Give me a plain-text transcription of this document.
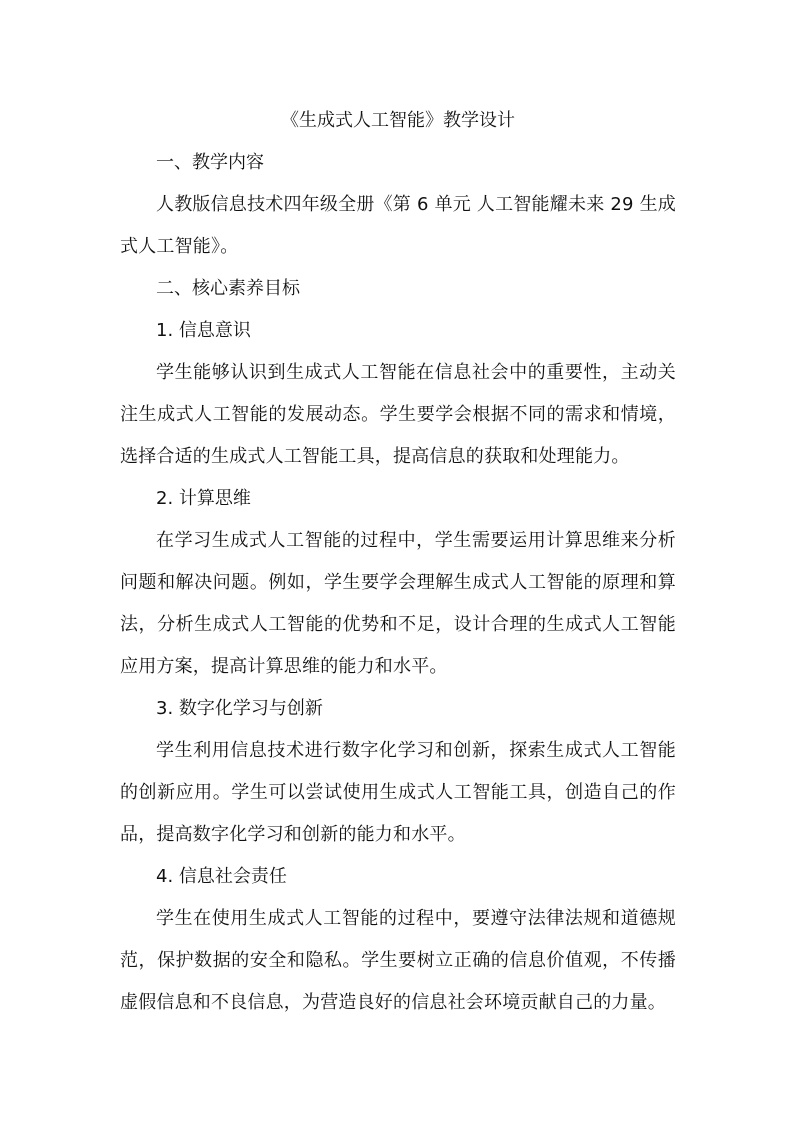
《生成式人工智能》教学设计

一、教学内容

人教版信息技术四年级全册《第 6 单元 人工智能耀未来 29 生成式人工智能》。

二、核心素养目标

1. 信息意识

学生能够认识到生成式人工智能在信息社会中的重要性，主动关注生成式人工智能的发展动态。学生要学会根据不同的需求和情境，选择合适的生成式人工智能工具，提高信息的获取和处理能力。

2. 计算思维

在学习生成式人工智能的过程中，学生需要运用计算思维来分析问题和解决问题。例如，学生要学会理解生成式人工智能的原理和算法，分析生成式人工智能的优势和不足，设计合理的生成式人工智能应用方案，提高计算思维的能力和水平。

3. 数字化学习与创新

学生利用信息技术进行数字化学习和创新，探索生成式人工智能的创新应用。学生可以尝试使用生成式人工智能工具，创造自己的作品，提高数字化学习和创新的能力和水平。

4. 信息社会责任

学生在使用生成式人工智能的过程中，要遵守法律法规和道德规范，保护数据的安全和隐私。学生要树立正确的信息价值观，不传播虚假信息和不良信息，为营造良好的信息社会环境贡献自己的力量。
